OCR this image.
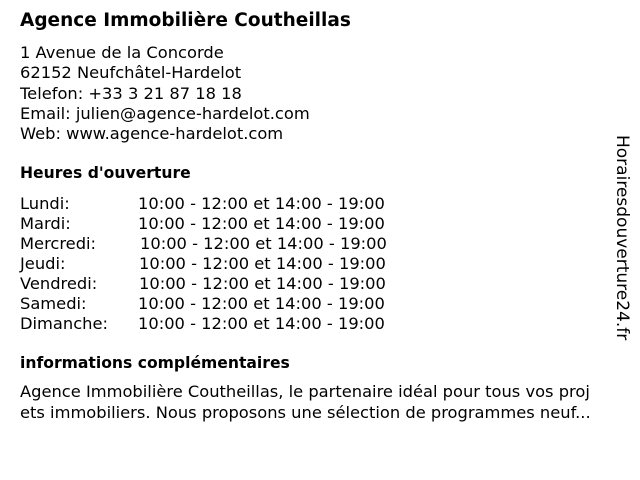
Agence Immobilière Coutheillas
1 Avenue de la Concorde
62152 Neufchâtel-Hardelot
Telefon: +33 3 21 87 18 18
Email: julien@agence-hardelot.com
Web: www.agence-hardelot.com
Heures d'ouverture
Lundi:	10:00 - 12:00 et 14:00 - 19:00
Mardi:	10:00 - 12:00 et 14:00 - 19:00
Mercredi:	10:00 - 12:00 et 14:00 - 19:00
Jeudi:	10:00 - 12:00 et 14:00 - 19:00
Vendredi:	10:00 - 12:00 et 14:00 - 19:00
Samedi:	10:00 - 12:00 et 14:00 - 19:00
Dimanche: 10:00 - 12:00 et 14:00 - 19:00
informations complémentaires
Agence Immobilière Coutheillas, le partenaire idéal pour tous vos proj
ets immobiliers. Nous proposons une sélection de programmes neuf...
Horairesdouverture24.fr
